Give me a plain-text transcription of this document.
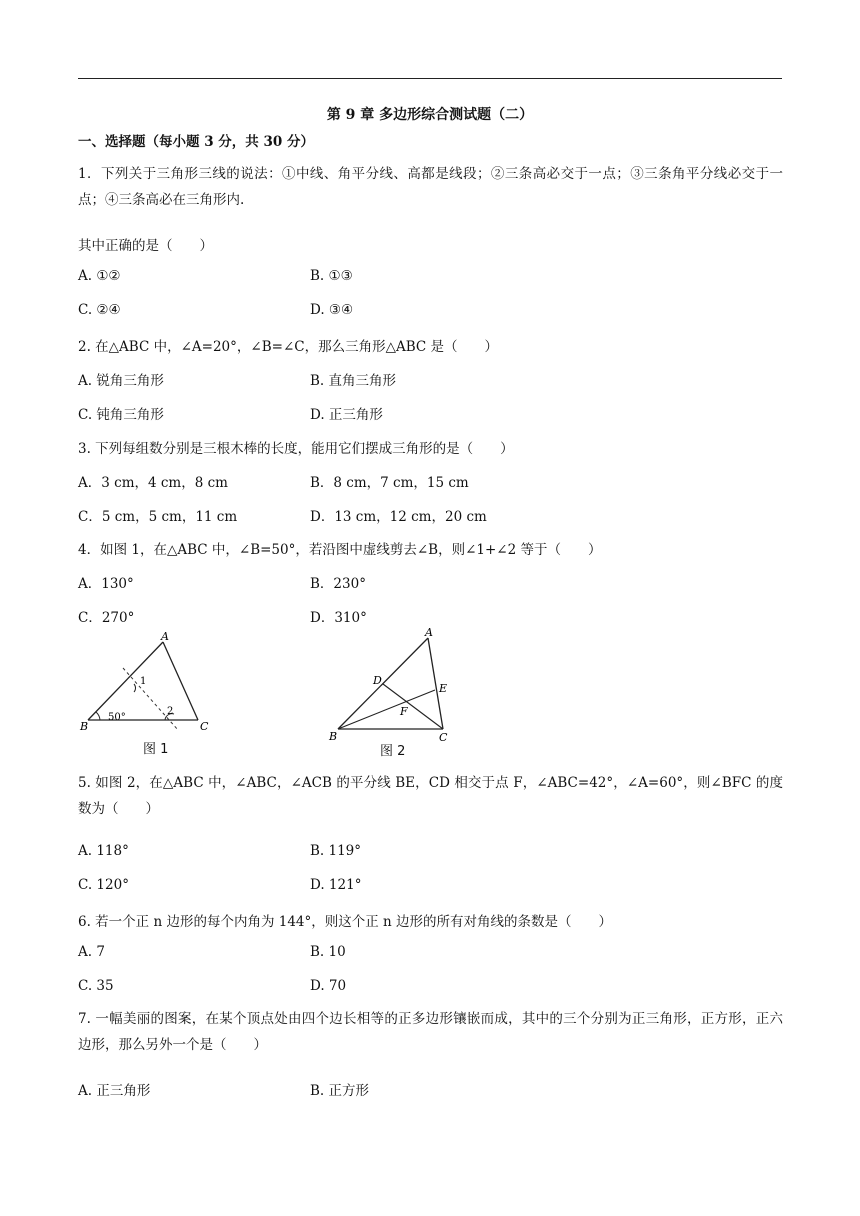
第 9 章 多边形综合测试题（二）
一、选择题（每小题 3 分，共 30 分）
1．下列关于三角形三线的说法：①中线、角平分线、高都是线段；②三条高必交于一点；③三条角平分线必交于一点；④三条高必在三角形内.
其中正确的是（　　）
A. ①②	B. ①③
C. ②④	D. ③④
2. 在△ABC 中，∠A=20°，∠B=∠C，那么三角形△ABC 是（　　）
A. 锐角三角形	B. 直角三角形
C. 钝角三角形	D. 正三角形
3. 下列每组数分别是三根木棒的长度，能用它们摆成三角形的是（　　）
A．3 cm，4 cm，8 cm	B．8 cm，7 cm，15 cm
C．5 cm，5 cm，11 cm	D．13 cm，12 cm，20 cm
4．如图 1，在△ABC 中，∠B=50°，若沿图中虚线剪去∠B，则∠1+∠2 等于（　　）
A．130°	B．230°
C．270°	D．310°
A
B	C
50°
1
2
图 1
A
B	C
D
E
F
图 2
5. 如图 2，在△ABC 中，∠ABC，∠ACB 的平分线 BE，CD 相交于点 F，∠ABC=42°，∠A=60°，则∠BFC 的度数为（　　）
A. 118°	B. 119°
C. 120°	D. 121°
6. 若一个正 n 边形的每个内角为 144°，则这个正 n 边形的所有对角线的条数是（　　）
A. 7	B. 10
C. 35	D. 70
7. 一幅美丽的图案，在某个顶点处由四个边长相等的正多边形镶嵌而成，其中的三个分别为正三角形，正方形，正六边形，那么另外一个是（　　）
A. 正三角形	B. 正方形
